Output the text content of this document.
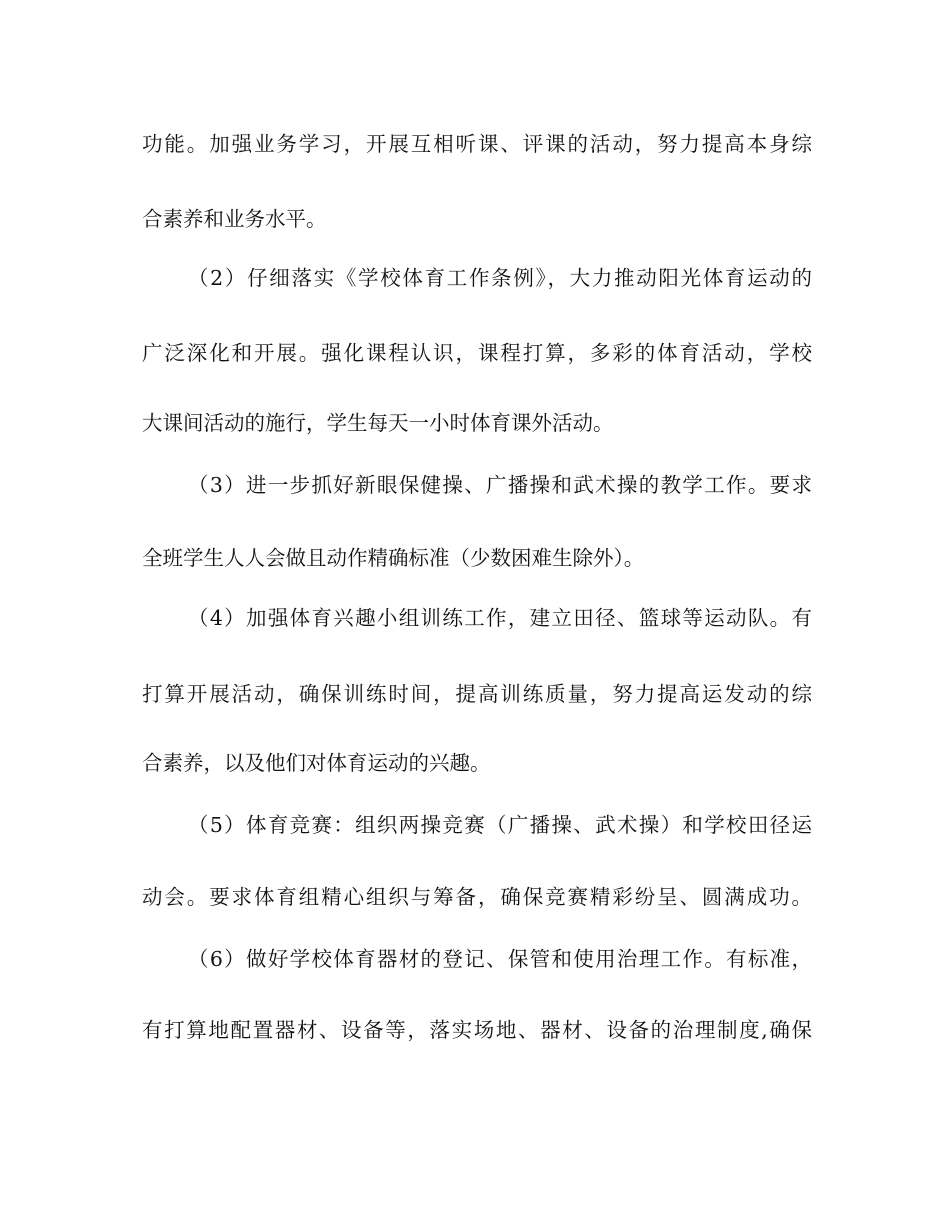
功能。加强业务学习，开展互相听课、评课的活动，努力提高本身综
合素养和业务水平。
（2）仔细落实《学校体育工作条例》，大力推动阳光体育运动的
广泛深化和开展。强化课程认识，课程打算，多彩的体育活动，学校
大课间活动的施行，学生每天一小时体育课外活动。
（3）进一步抓好新眼保健操、广播操和武术操的教学工作。要求
全班学生人人会做且动作精确标准（少数困难生除外）。
（4）加强体育兴趣小组训练工作，建立田径、篮球等运动队。有
打算开展活动，确保训练时间，提高训练质量，努力提高运发动的综
合素养，以及他们对体育运动的兴趣。
（5）体育竞赛：组织两操竞赛（广播操、武术操）和学校田径运
动会。要求体育组精心组织与筹备，确保竞赛精彩纷呈、圆满成功。
（6）做好学校体育器材的登记、保管和使用治理工作。有标准，
有打算地配置器材、设备等，落实场地、器材、设备的治理制度,确保
